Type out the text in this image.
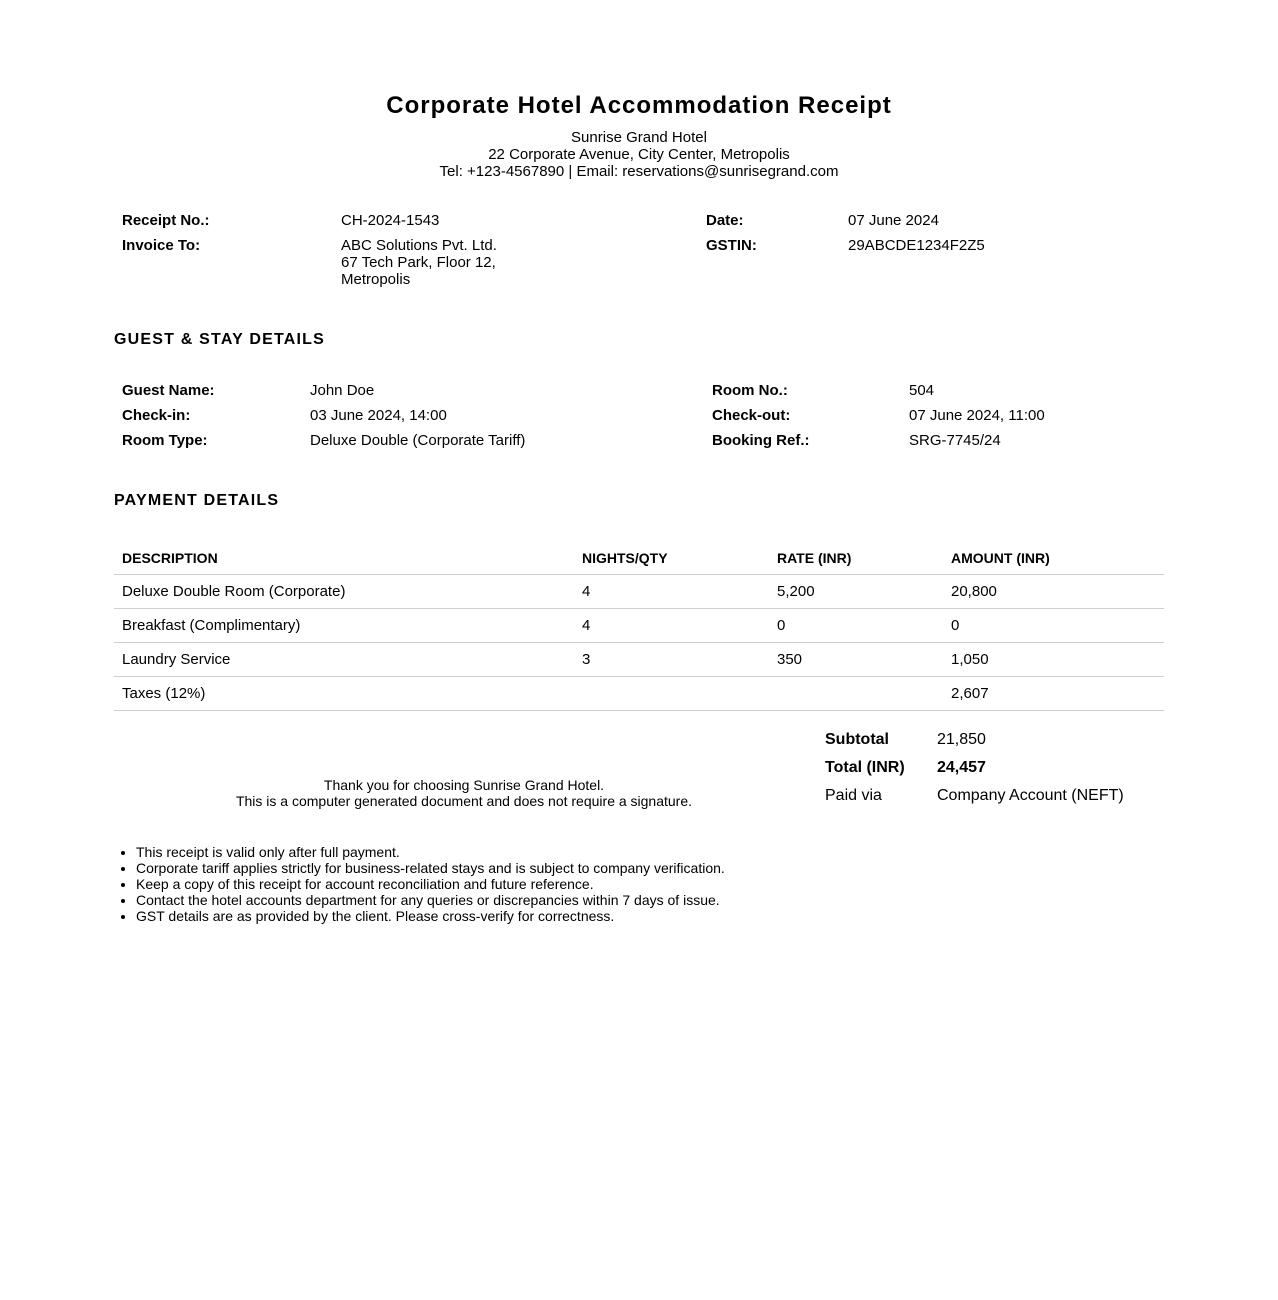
Corporate Hotel Accommodation Receipt
Sunrise Grand Hotel
22 Corporate Avenue, City Center, Metropolis
Tel: +123-4567890 | Email: reservations@sunrisegrand.com
Receipt No.:	CH-2024-1543	Date:	07 June 2024
Invoice To:	ABC Solutions Pvt. Ltd.
67 Tech Park, Floor 12,
Metropolis
GSTIN:	29ABCDE1234F2Z5
GUEST & STAY DETAILS
Guest Name:	John Doe	Room No.:	504
Check-in:	03 June 2024, 14:00	Check-out:	07 June 2024, 11:00
Room Type:	Deluxe Double (Corporate Tariff)	Booking Ref.:	SRG-7745/24
PAYMENT DETAILS
DESCRIPTION	NIGHTS/QTY	RATE (INR)	AMOUNT (INR)
Deluxe Double Room (Corporate)	4	5,200	20,800
Breakfast (Complimentary)	4	0	0
Laundry Service	3	350	1,050
Taxes (12%)			2,607
Thank you for choosing Sunrise Grand Hotel.
This is a computer generated document and does not require a signature.
Subtotal	21,850
Total (INR)	24,457
Paid via	Company Account (NEFT)
• This receipt is valid only after full payment.
• Corporate tariff applies strictly for business-related stays and is subject to company verification.
• Keep a copy of this receipt for account reconciliation and future reference.
• Contact the hotel accounts department for any queries or discrepancies within 7 days of issue.
• GST details are as provided by the client. Please cross-verify for correctness.
